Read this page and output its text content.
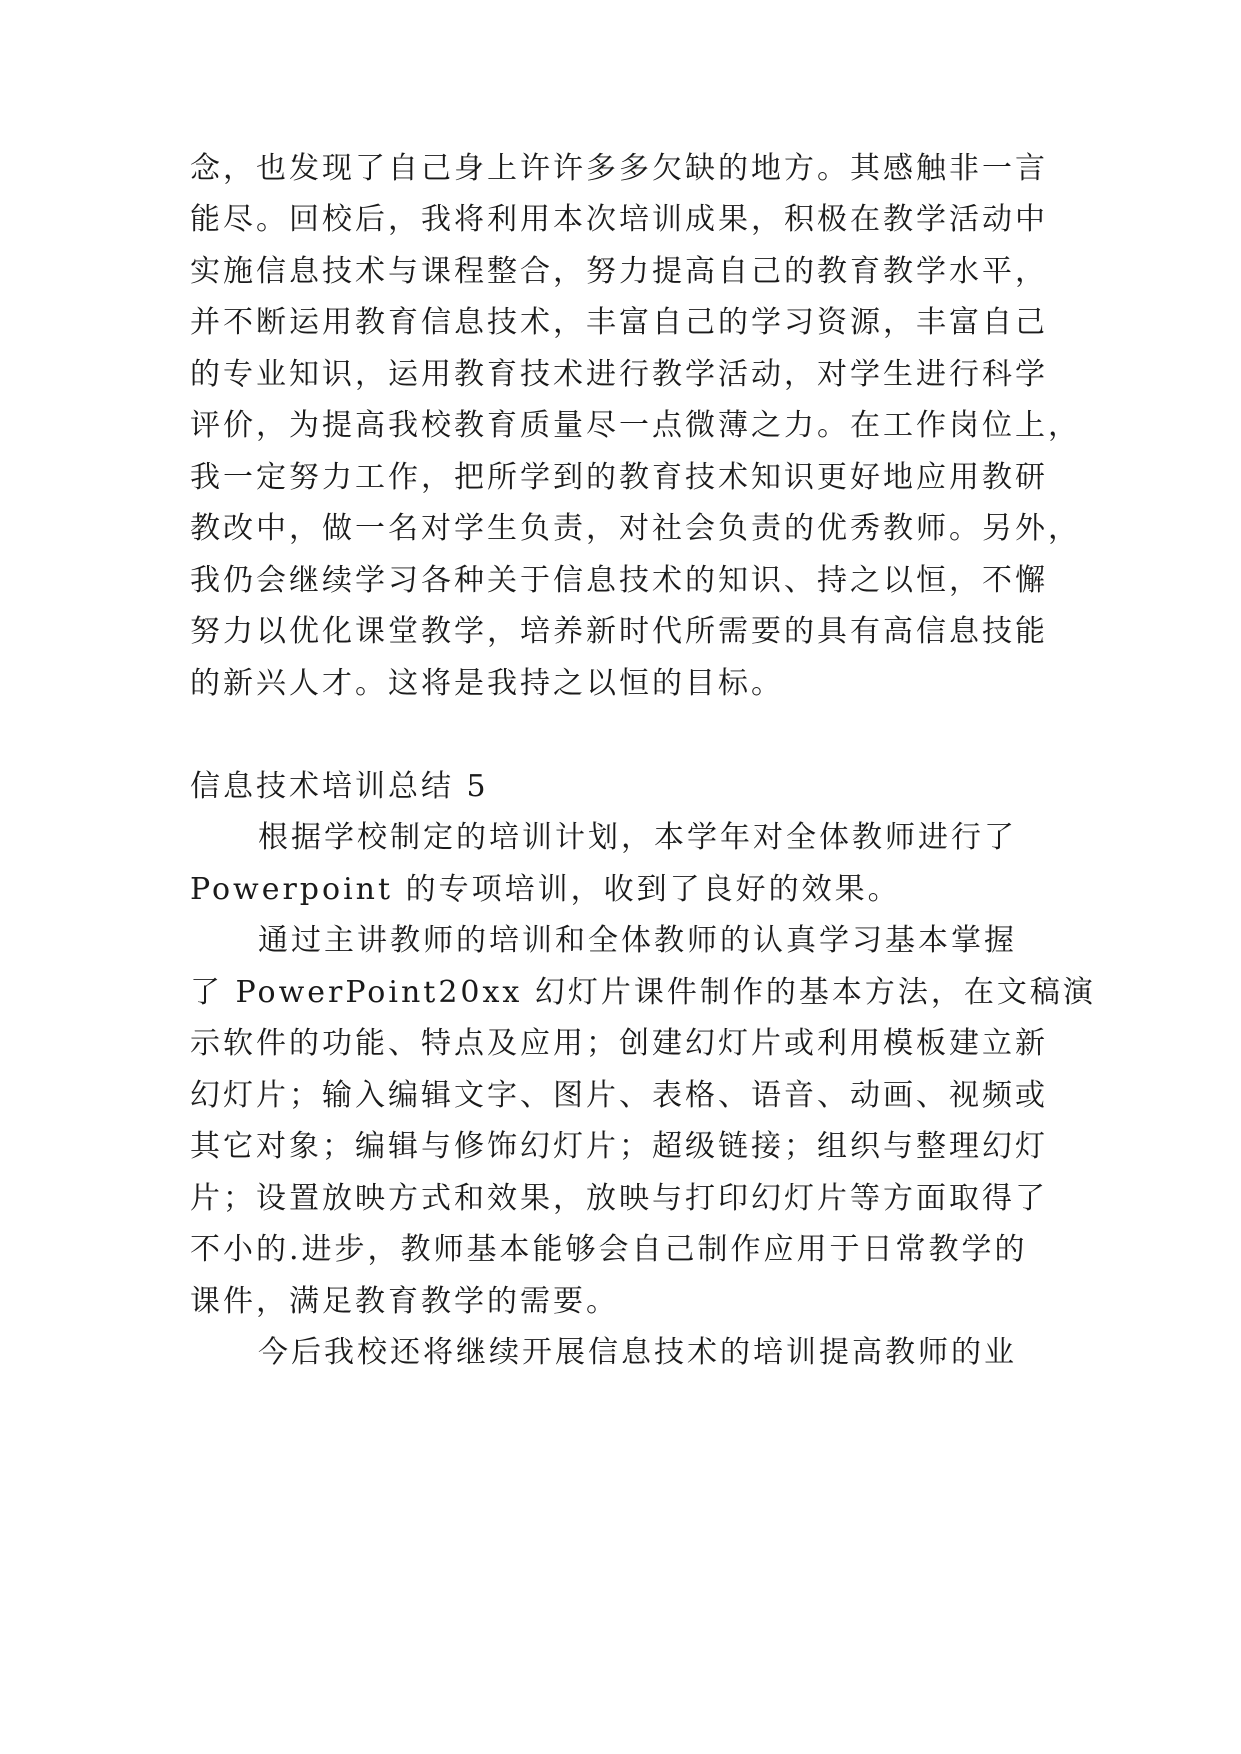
念，也发现了自己身上许许多多欠缺的地方。其感触非一言
能尽。回校后，我将利用本次培训成果，积极在教学活动中
实施信息技术与课程整合，努力提高自己的教育教学水平，
并不断运用教育信息技术，丰富自己的学习资源，丰富自己
的专业知识，运用教育技术进行教学活动，对学生进行科学
评价，为提高我校教育质量尽一点微薄之力。在工作岗位上，
我一定努力工作，把所学到的教育技术知识更好地应用教研
教改中，做一名对学生负责，对社会负责的优秀教师。另外，
我仍会继续学习各种关于信息技术的知识、持之以恒，不懈
努力以优化课堂教学，培养新时代所需要的具有高信息技能
的新兴人才。这将是我持之以恒的目标。
信息技术培训总结 5
根据学校制定的培训计划，本学年对全体教师进行了
Powerpoint 的专项培训，收到了良好的效果。
通过主讲教师的培训和全体教师的认真学习基本掌握
了 PowerPoint20xx 幻灯片课件制作的基本方法，在文稿演
示软件的功能、特点及应用；创建幻灯片或利用模板建立新
幻灯片；输入编辑文字、图片、表格、语音、动画、视频或
其它对象；编辑与修饰幻灯片；超级链接；组织与整理幻灯
片；设置放映方式和效果，放映与打印幻灯片等方面取得了
不小的.进步，教师基本能够会自己制作应用于日常教学的
课件，满足教育教学的需要。
今后我校还将继续开展信息技术的培训提高教师的业
